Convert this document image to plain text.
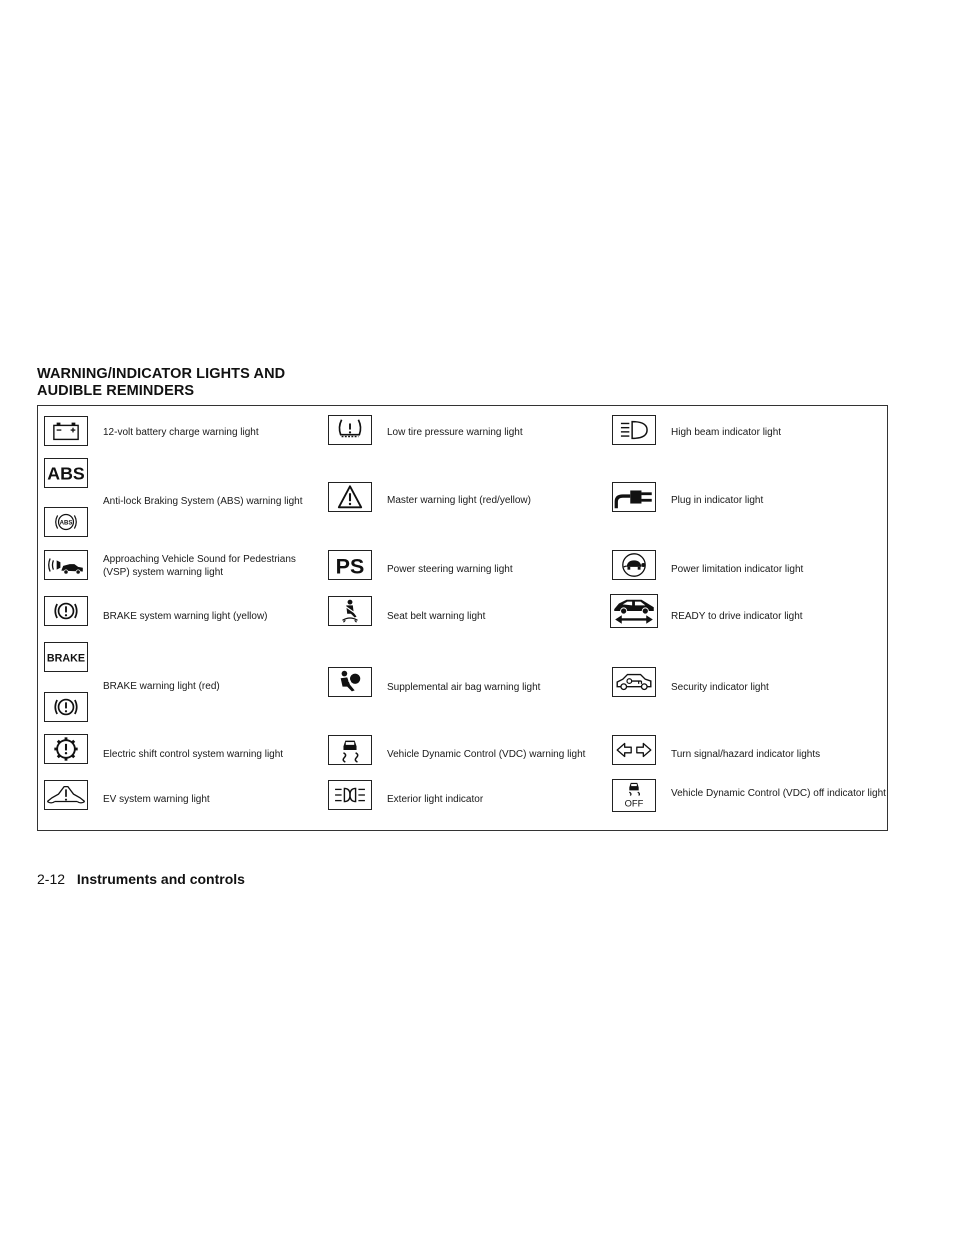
WARNING/INDICATOR LIGHTS AND
AUDIBLE REMINDERS
12-volt battery charge warning light
ABS
ABS
Anti-lock Braking System (ABS) warning light
Approaching Vehicle Sound for Pedestrians (VSP) system warning light
BRAKE system warning light (yellow)
BRAKE
BRAKE warning light (red)
Electric shift control system warning light
EV system warning light
Low tire pressure warning light
Master warning light (red/yellow)
PS Power steering warning light
Seat belt warning light
Supplemental air bag warning light
Vehicle Dynamic Control (VDC) warning light
Exterior light indicator
High beam indicator light
Plug in indicator light
Power limitation indicator light
READY to drive indicator light
Security indicator light
Turn signal/hazard indicator lights
OFF
Vehicle Dynamic Control (VDC) off indicator light
2-12 Instruments and controls
